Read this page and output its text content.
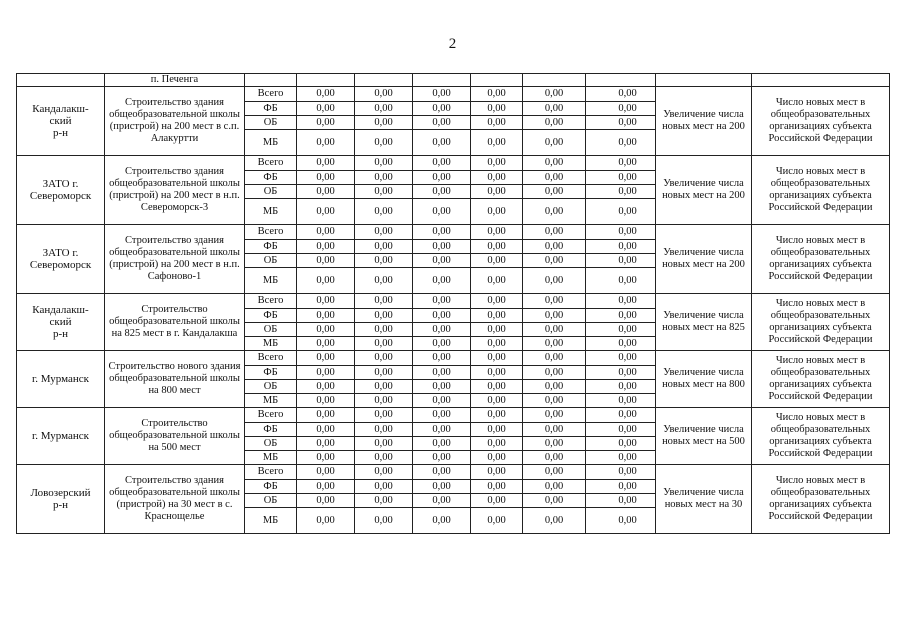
2
	п. Печенга									
Кандалакш-
ский
р-н	Строительство здания общеобразовательной школы (пристрой) на 200 мест в с.п. Алакуртти	Всего	0,00	0,00	0,00	0,00	0,00	0,00	Увеличение числа новых мест на 200	Число новых мест в общеобразовательных организациях субъекта Российской Федерации
		ФБ	0,00	0,00	0,00	0,00	0,00	0,00		
		ОБ	0,00	0,00	0,00	0,00	0,00	0,00		
		МБ	0,00	0,00	0,00	0,00	0,00	0,00		
ЗАТО г.
Североморск	Строительство здания общеобразовательной школы (пристрой) на 200 мест в н.п. Североморск-3	Всего	0,00	0,00	0,00	0,00	0,00	0,00	Увеличение числа новых мест на 200	Число новых мест в общеобразовательных организациях субъекта Российской Федерации
		ФБ	0,00	0,00	0,00	0,00	0,00	0,00		
		ОБ	0,00	0,00	0,00	0,00	0,00	0,00		
		МБ	0,00	0,00	0,00	0,00	0,00	0,00		
ЗАТО г.
Североморск	Строительство здания общеобразовательной школы (пристрой) на 200 мест в н.п. Сафоново-1	Всего	0,00	0,00	0,00	0,00	0,00	0,00	Увеличение числа новых мест на 200	Число новых мест в общеобразовательных организациях субъекта Российской Федерации
		ФБ	0,00	0,00	0,00	0,00	0,00	0,00		
		ОБ	0,00	0,00	0,00	0,00	0,00	0,00		
		МБ	0,00	0,00	0,00	0,00	0,00	0,00		
Кандалакш-
ский
р-н	Строительство общеобразовательной школы на 825 мест в г. Кандалакша	Всего	0,00	0,00	0,00	0,00	0,00	0,00	Увеличение числа новых мест на 825	Число новых мест в общеобразовательных организациях субъекта Российской Федерации
		ФБ	0,00	0,00	0,00	0,00	0,00	0,00		
		ОБ	0,00	0,00	0,00	0,00	0,00	0,00		
		МБ	0,00	0,00	0,00	0,00	0,00	0,00		
г. Мурманск	Строительство нового здания общеобразовательной школы на 800 мест	Всего	0,00	0,00	0,00	0,00	0,00	0,00	Увеличение числа новых мест на 800	Число новых мест в общеобразовательных организациях субъекта Российской Федерации
		ФБ	0,00	0,00	0,00	0,00	0,00	0,00		
		ОБ	0,00	0,00	0,00	0,00	0,00	0,00		
		МБ	0,00	0,00	0,00	0,00	0,00	0,00		
г. Мурманск	Строительство общеобразовательной школы на 500 мест	Всего	0,00	0,00	0,00	0,00	0,00	0,00	Увеличение числа новых мест на 500	Число новых мест в общеобразовательных организациях субъекта Российской Федерации
		ФБ	0,00	0,00	0,00	0,00	0,00	0,00		
		ОБ	0,00	0,00	0,00	0,00	0,00	0,00		
		МБ	0,00	0,00	0,00	0,00	0,00	0,00		
Ловозерский
р-н	Строительство здания общеобразовательной школы (пристрой) на 30 мест в с. Краснощелье	Всего	0,00	0,00	0,00	0,00	0,00	0,00	Увеличение числа новых мест на 30	Число новых мест в общеобразовательных организациях субъекта Российской Федерации
		ФБ	0,00	0,00	0,00	0,00	0,00	0,00		
		ОБ	0,00	0,00	0,00	0,00	0,00	0,00		
		МБ	0,00	0,00	0,00	0,00	0,00	0,00		
